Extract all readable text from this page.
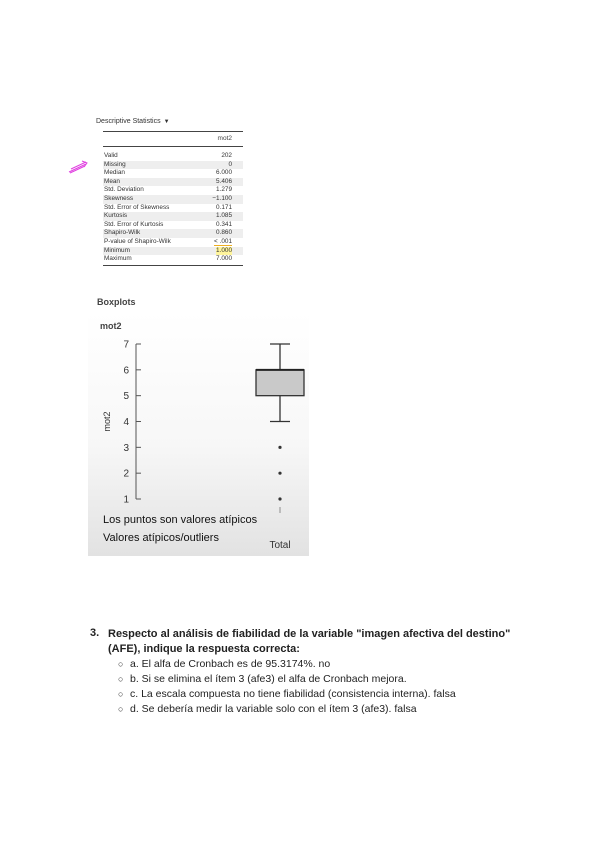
Descriptive Statistics ▼
mot2
Valid	202
Missing	0
Median	6.000
Mean	5.406
Std. Deviation	1.279
Skewness	−1.100
Std. Error of Skewness	0.171
Kurtosis	1.085
Std. Error of Kurtosis	0.341
Shapiro-Wilk	0.860
P-value of Shapiro-Wilk	< .001
Minimum	1.000
Maximum	7.000
Boxplots
mot2
mot2
1
2
3
4
5
6
7
Total
Los puntos son valores atípicos
Valores atípicos/outliers
3. Respecto al análisis de fiabilidad de la variable "imagen afectiva del destino" (AFE), indique la respuesta correcta:
○ a. El alfa de Cronbach es de 95.3174%. no
○ b. Si se elimina el ítem 3 (afe3) el alfa de Cronbach mejora.
○ c. La escala compuesta no tiene fiabilidad (consistencia interna). falsa
○ d. Se debería medir la variable solo con el ítem 3 (afe3). falsa
